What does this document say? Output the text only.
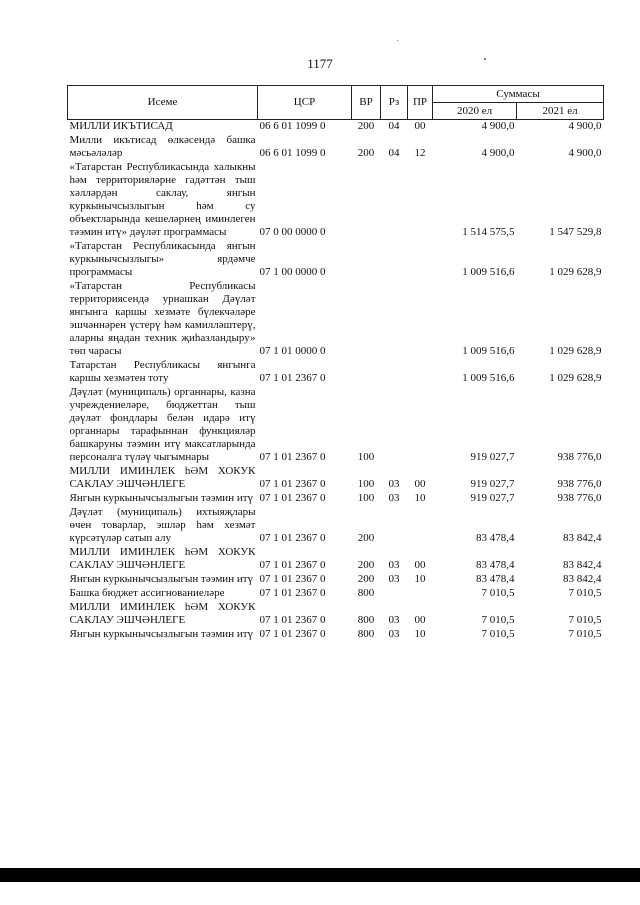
1177
Исеме	ЦСР	ВР	Рз	ПР	Суммасы	
					2020 ел	2021 ел
МИЛЛИ ИКЪТИСАД	06 6 01 1099 0	200	04	00	4 900,0	4 900,0
Милли икътисад өлкәсендә башка мәсьәләләр	06 6 01 1099 0	200	04	12	4 900,0	4 900,0
«Татарстан Республикасында халыкны һәм территорияләрне гадәттән тыш хәлләрдән саклау, янгын куркынычсызлыгын һәм су объектларында кешеләрнең иминлеген тәэмин итү» дәүләт программасы	07 0 00 0000 0				1 514 575,5	1 547 529,8
«Татарстан Республикасында янгын куркынычсызлыгы» ярдәмче программасы	07 1 00 0000 0				1 009 516,6	1 029 628,9
«Татарстан Республикасы территориясендә урнашкан Дәүләт янгынга каршы хезмәте бүлекчәләре эшчәннәрен үстерү һәм камилләштерү, аларны яңадан техник җиһазландыру» төп чарасы	07 1 01 0000 0				1 009 516,6	1 029 628,9
Татарстан Республикасы янгынга каршы хезмәтен тоту	07 1 01 2367 0				1 009 516,6	1 029 628,9
Дәүләт (муниципаль) органнары, казна учреждениеләре, бюджеттан тыш дәүләт фондлары белән идарә итү органнары тарафыннан функцияләр башкаруны тәэмин итү максатларында персоналга түләү чыгымнары	07 1 01 2367 0	100			919 027,7	938 776,0
МИЛЛИ ИМИНЛЕК һӘМ ХОКУК САКЛАУ ЭШЧӘНЛЕГЕ	07 1 01 2367 0	100	03	00	919 027,7	938 776,0
Янгын куркынычсызлыгын тәэмин итү	07 1 01 2367 0	100	03	10	919 027,7	938 776,0
Дәүләт (муниципаль) ихтыяҗлары өчен товарлар, эшләр һәм хезмәт күрсәтүләр сатып алу	07 1 01 2367 0	200			83 478,4	83 842,4
МИЛЛИ ИМИНЛЕК һӘМ ХОКУК САКЛАУ ЭШЧӘНЛЕГЕ	07 1 01 2367 0	200	03	00	83 478,4	83 842,4
Янгын куркынычсызлыгын тәэмин итү	07 1 01 2367 0	200	03	10	83 478,4	83 842,4
Башка бюджет ассигнованиеләре	07 1 01 2367 0	800			7 010,5	7 010,5
МИЛЛИ ИМИНЛЕК һӘМ ХОКУК САКЛАУ ЭШЧӘНЛЕГЕ	07 1 01 2367 0	800	03	00	7 010,5	7 010,5
Янгын куркынычсызлыгын тәэмин итү	07 1 01 2367 0	800	03	10	7 010,5	7 010,5
